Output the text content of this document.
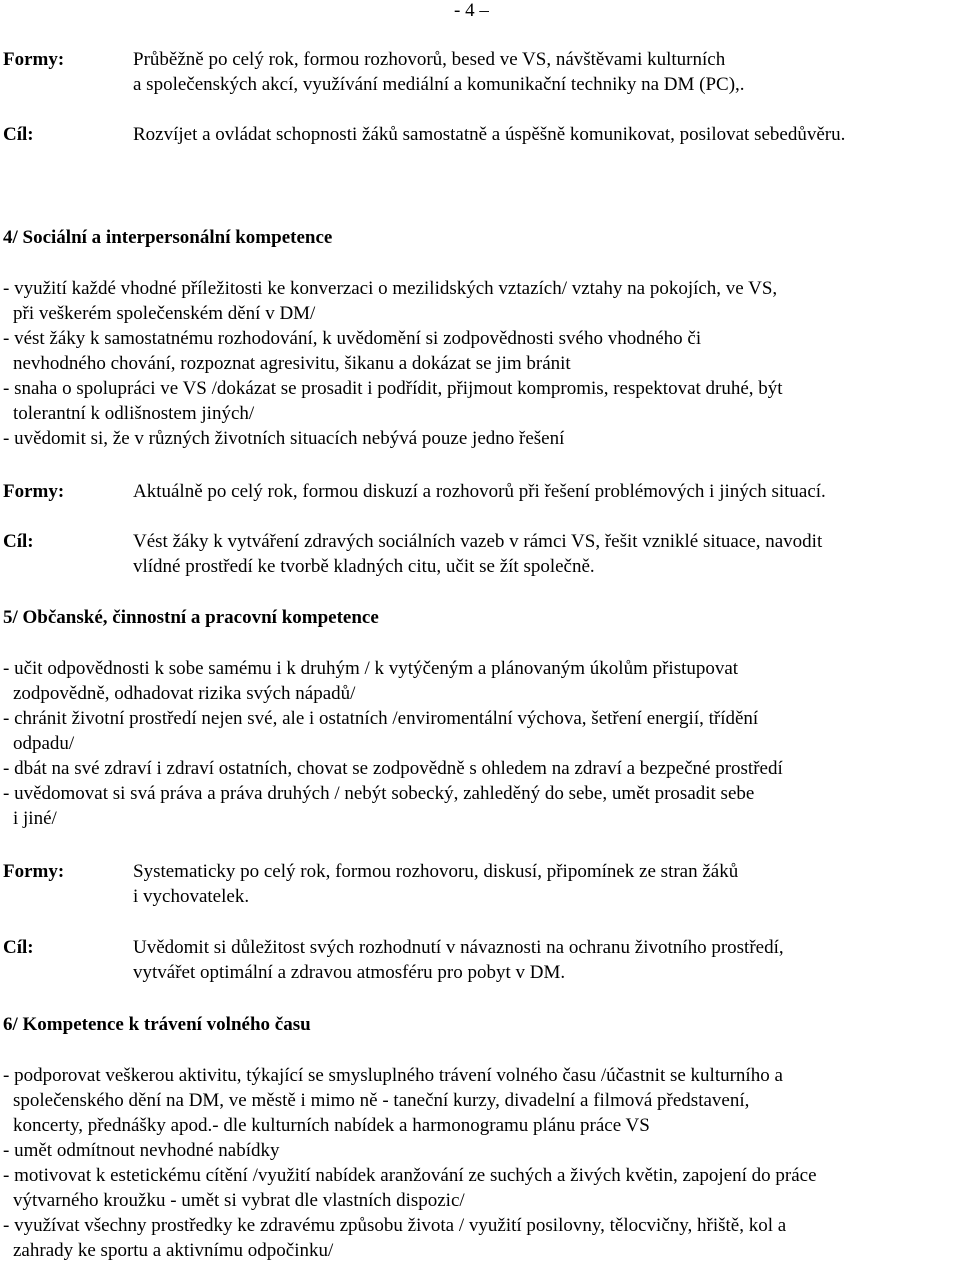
- 4 –
Formy:	Průběžně po celý rok, formou rozhovorů, besed ve VS, návštěvami kulturních
a společenských akcí, využívání mediální a komunikační techniky na DM (PC),.
Cíl:	Rozvíjet a ovládat schopnosti žáků samostatně a úspěšně komunikovat, posilovat sebedůvěru.
4/ Sociální a interpersonální kompetence
- využití každé vhodné příležitosti ke konverzaci o mezilidských vztazích/ vztahy na pokojích, ve VS,
při veškerém společenském dění v DM/
- vést žáky k samostatnému rozhodování, k uvědomění si zodpovědnosti svého vhodného či
nevhodného chování, rozpoznat agresivitu, šikanu a dokázat se jim bránit
- snaha o spolupráci ve VS /dokázat se prosadit i podřídit, přijmout kompromis, respektovat druhé, být
tolerantní k odlišnostem jiných/
- uvědomit si, že v různých životních situacích nebývá pouze jedno řešení
Formy:	Aktuálně po celý rok, formou diskuzí a rozhovorů při řešení problémových i jiných situací.
Cíl:	Vést žáky k vytváření zdravých sociálních vazeb v rámci VS, řešit vzniklé situace, navodit
vlídné prostředí ke tvorbě kladných citu, učit se žít společně.
5/ Občanské, činnostní a pracovní kompetence
- učit odpovědnosti k sobe samému i k druhým / k vytýčeným a plánovaným úkolům přistupovat
zodpovědně, odhadovat rizika svých nápadů/
- chránit životní prostředí nejen své, ale i ostatních /enviromentální výchova, šetření energií, třídění
odpadu/
- dbát na své zdraví i zdraví ostatních, chovat se zodpovědně s ohledem na zdraví a bezpečné prostředí
- uvědomovat si svá práva a práva druhých / nebýt sobecký, zahleděný do sebe, umět prosadit sebe
i jiné/
Formy:	Systematicky po celý rok, formou rozhovoru, diskusí, připomínek ze stran žáků
i vychovatelek.
Cíl:	Uvědomit si důležitost svých rozhodnutí v návaznosti na ochranu životního prostředí,
vytvářet optimální a zdravou atmosféru pro pobyt v DM.
6/ Kompetence k trávení volného času
- podporovat veškerou aktivitu, týkající se smysluplného trávení volného času /účastnit se kulturního a
společenského dění na DM, ve městě i mimo ně - taneční kurzy, divadelní a filmová představení,
koncerty, přednášky apod.- dle kulturních nabídek a harmonogramu plánu práce VS
- umět odmítnout nevhodné nabídky
- motivovat k estetickému cítění /využití nabídek aranžování ze suchých a živých květin, zapojení do práce
výtvarného kroužku - umět si vybrat dle vlastních dispozic/
- využívat všechny prostředky ke zdravému způsobu života / využití posilovny, tělocvičny, hřiště, kol a
zahrady ke sportu a aktivnímu odpočinku/
